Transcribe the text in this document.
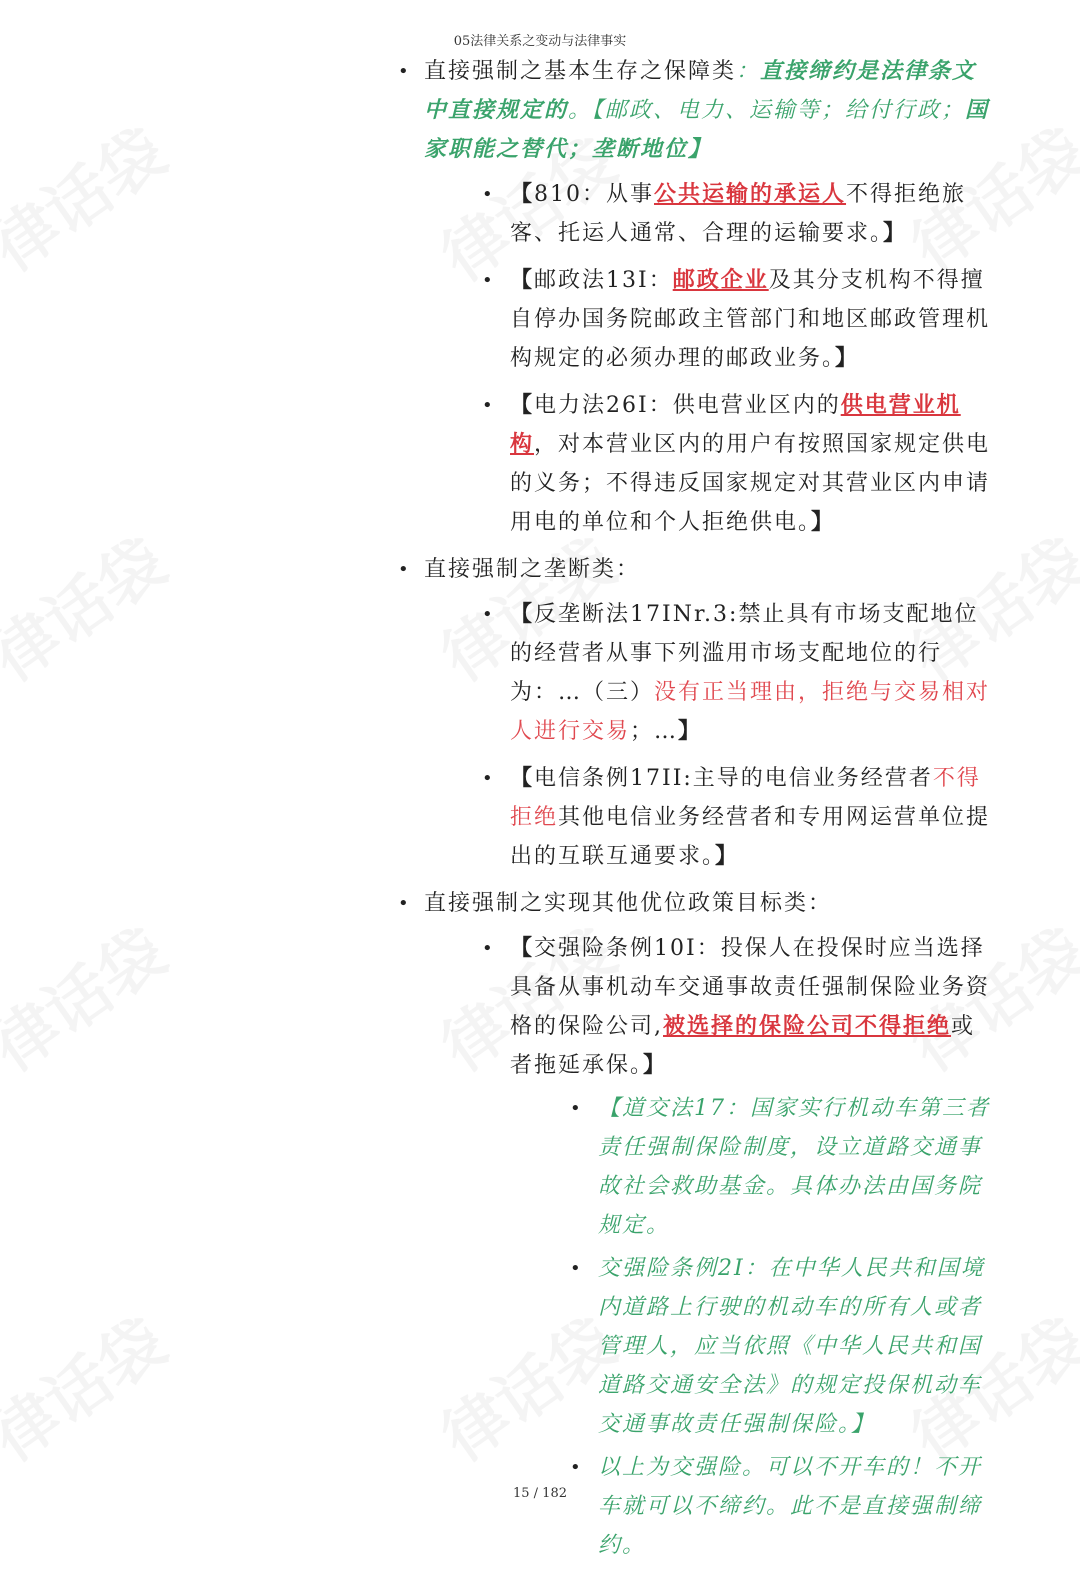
05法律关系之变动与法律事实
• 直接强制之基本生存之保障类：直接缔约是法律条文中直接规定的。【邮政、电力、运输等；给付行政；国家职能之替代；垄断地位】
• 【810：从事公共运输的承运人不得拒绝旅客、托运人通常、合理的运输要求。】
• 【邮政法13I：邮政企业及其分支机构不得擅自停办国务院邮政主管部门和地区邮政管理机构规定的必须办理的邮政业务。】
• 【电力法26I：供电营业区内的供电营业机构，对本营业区内的用户有按照国家规定供电的义务；不得违反国家规定对其营业区内申请用电的单位和个人拒绝供电。】
• 直接强制之垄断类：
• 【反垄断法17INr.3:禁止具有市场支配地位的经营者从事下列滥用市场支配地位的行为：…（三）没有正当理由，拒绝与交易相对人进行交易；…】
• 【电信条例17II:主导的电信业务经营者不得拒绝其他电信业务经营者和专用网运营单位提出的互联互通要求。】
• 直接强制之实现其他优位政策目标类：
• 【交强险条例10I：投保人在投保时应当选择具备从事机动车交通事故责任强制保险业务资格的保险公司,被选择的保险公司不得拒绝或者拖延承保。】
• 【道交法17：国家实行机动车第三者责任强制保险制度，设立道路交通事故社会救助基金。具体办法由国务院规定。
• 交强险条例2I：在中华人民共和国境内道路上行驶的机动车的所有人或者管理人，应当依照《中华人民共和国道路交通安全法》的规定投保机动车交通事故责任强制保险。】
• 以上为交强险。可以不开车的！不开车就可以不缔约。此不是直接强制缔约。
15 / 182
